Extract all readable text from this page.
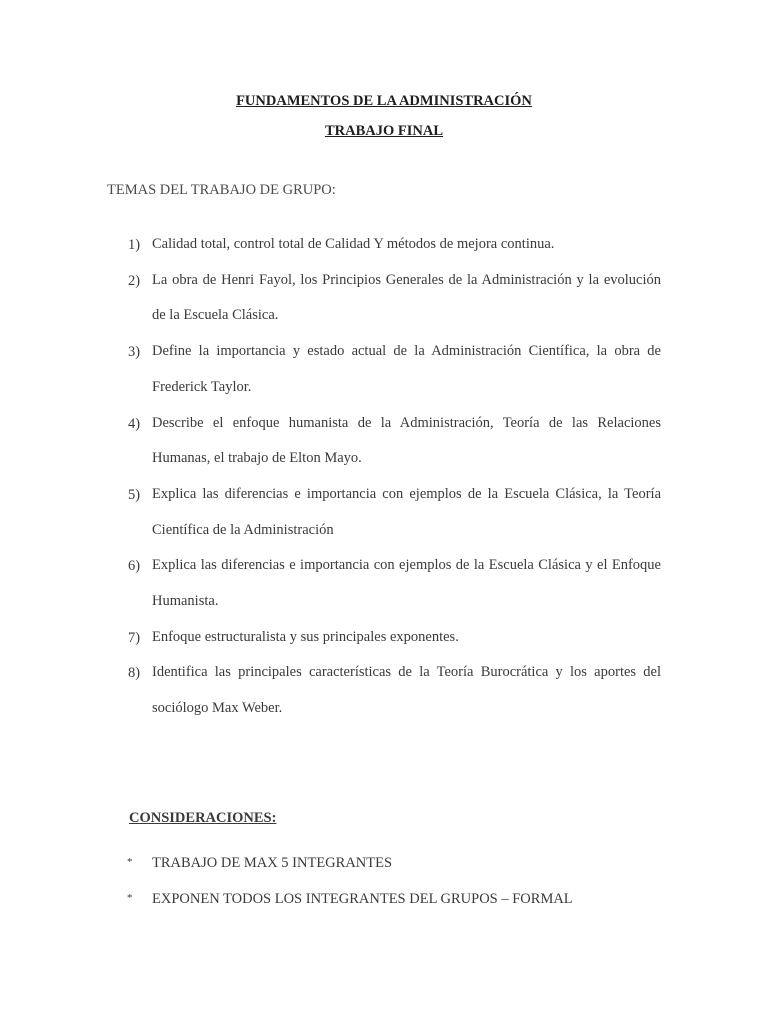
FUNDAMENTOS DE LA ADMINISTRACIÓN
TRABAJO FINAL
TEMAS DEL TRABAJO DE GRUPO:
1) Calidad total, control total de Calidad Y métodos de mejora continua.
2) La obra de Henri Fayol, los Principios Generales de la Administración y la evolución de la Escuela Clásica.
3) Define la importancia y estado actual de la Administración Científica, la obra de Frederick Taylor.
4) Describe el enfoque humanista de la Administración, Teoría de las Relaciones Humanas, el trabajo de Elton Mayo.
5) Explica las diferencias e importancia con ejemplos de la Escuela Clásica, la Teoría Científica de la Administración
6) Explica las diferencias e importancia con ejemplos de la Escuela Clásica y el Enfoque Humanista.
7) Enfoque estructuralista y sus principales exponentes.
8) Identifica las principales características de la Teoría Burocrática y los aportes del sociólogo Max Weber.
CONSIDERACIONES:
* TRABAJO DE MAX 5 INTEGRANTES
* EXPONEN TODOS LOS INTEGRANTES DEL GRUPOS – FORMAL
